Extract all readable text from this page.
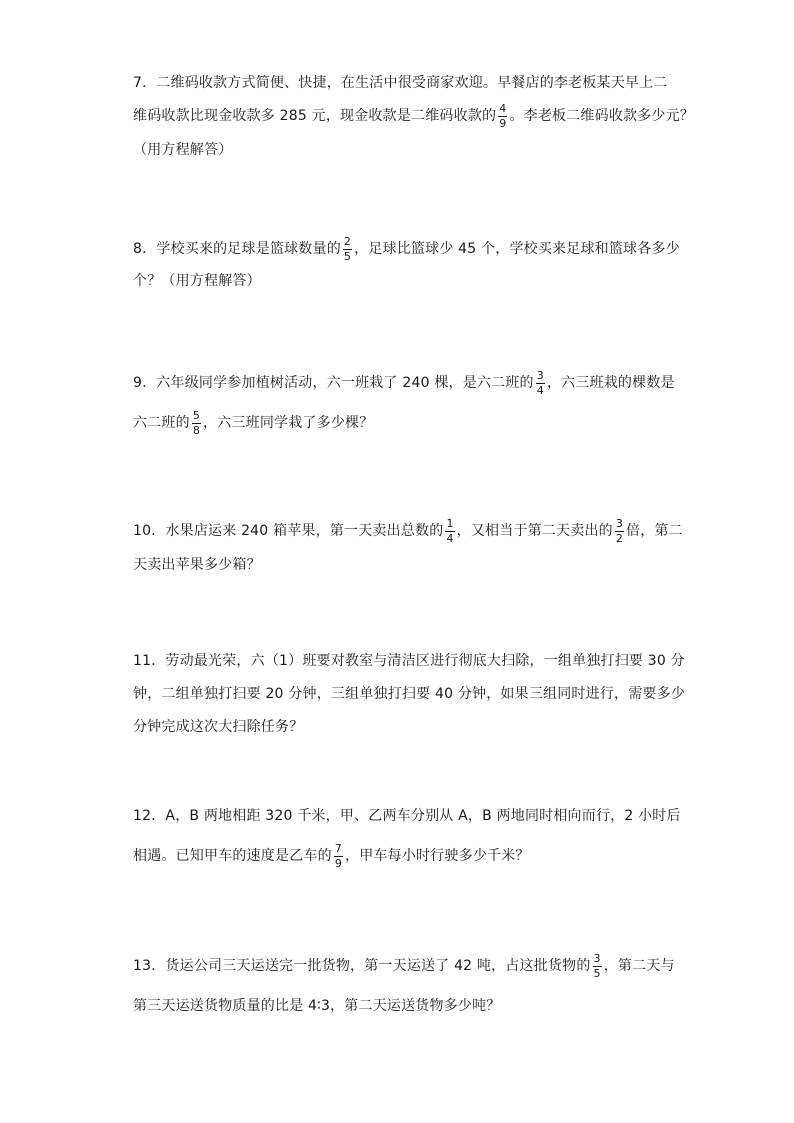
7．二维码收款方式简便、快捷，在生活中很受商家欢迎。早餐店的李老板某天早上二
维码收款比现金收款多 285 元，现金收款是二维码收款的 $\frac{4}{9}$ 。李老板二维码收款多少元？
（用方程解答）
8．学校买来的足球是篮球数量的 $\frac{2}{5}$ ，足球比篮球少 45 个，学校买来足球和篮球各多少
个？（用方程解答）
9．六年级同学参加植树活动，六一班栽了 240 棵，是六二班的 $\frac{3}{4}$ ，六三班栽的棵数是
六二班的 $\frac{5}{8}$ ，六三班同学栽了多少棵？
10．水果店运来 240 箱苹果，第一天卖出总数的 $\frac{1}{4}$ ，又相当于第二天卖出的 $\frac{3}{2}$ 倍，第二
天卖出苹果多少箱？
11．劳动最光荣，六（1）班要对教室与清洁区进行彻底大扫除，一组单独打扫要 30 分
钟，二组单独打扫要 20 分钟，三组单独打扫要 40 分钟，如果三组同时进行，需要多少
分钟完成这次大扫除任务？
12．A，B 两地相距 320 千米，甲、乙两车分别从 A，B 两地同时相向而行，2 小时后
相遇。已知甲车的速度是乙车的 $\frac{7}{9}$ ，甲车每小时行驶多少千米？
13．货运公司三天运送完一批货物，第一天运送了 42 吨，占这批货物的 $\frac{3}{5}$ ，第二天与
第三天运送货物质量的比是 4∶3，第二天运送货物多少吨？
